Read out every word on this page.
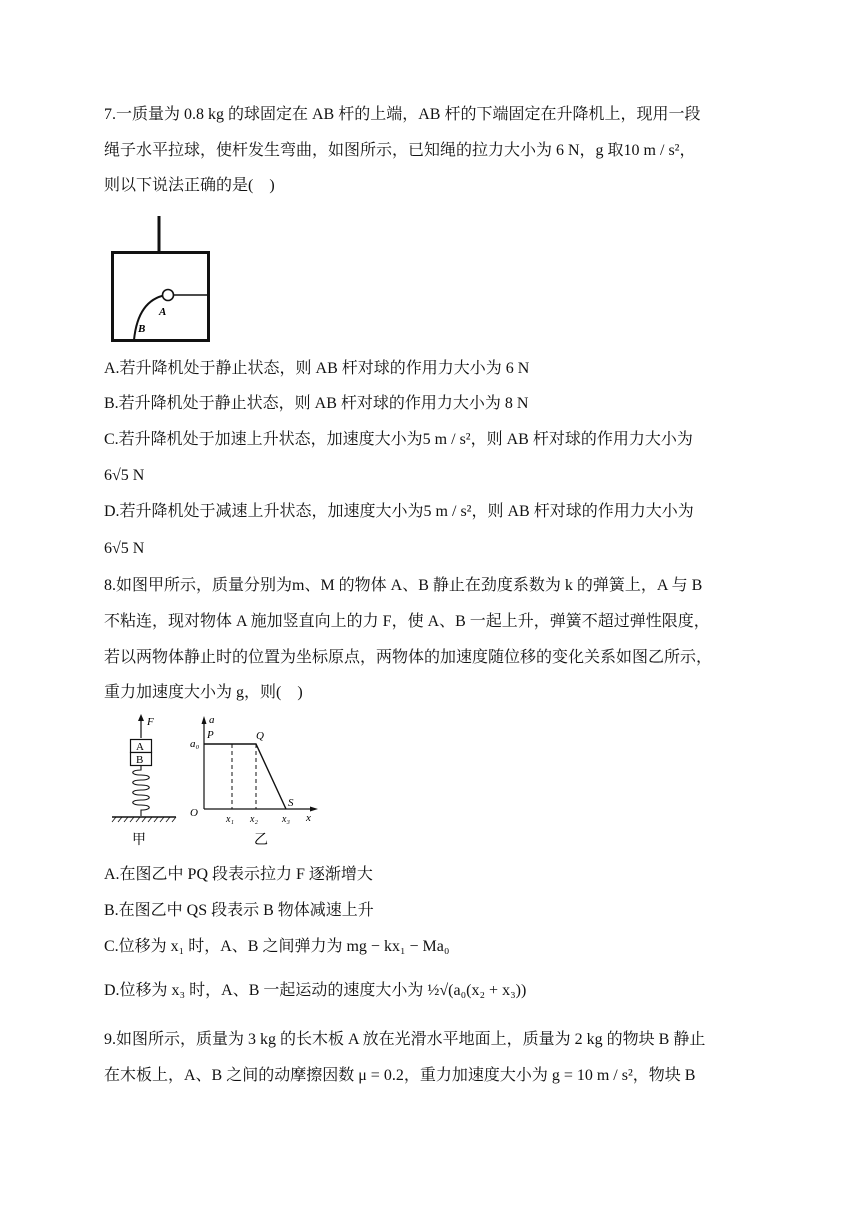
7.一质量为 0.8 kg 的球固定在 AB 杆的上端，AB 杆的下端固定在升降机上，现用一段
绳子水平拉球，使杆发生弯曲，如图所示，已知绳的拉力大小为 6 N，g 取10 m / s²，
则以下说法正确的是(　)
A
B
A.若升降机处于静止状态，则 AB 杆对球的作用力大小为 6 N
B.若升降机处于静止状态，则 AB 杆对球的作用力大小为 8 N
C.若升降机处于加速上升状态，加速度大小为5 m / s²，则 AB 杆对球的作用力大小为
6√5 N
D.若升降机处于减速上升状态，加速度大小为5 m / s²，则 AB 杆对球的作用力大小为
6√5 N
8.如图甲所示，质量分别为m、M 的物体 A、B 静止在劲度系数为 k 的弹簧上，A 与 B
不粘连，现对物体 A 施加竖直向上的力 F，使 A、B 一起上升，弹簧不超过弹性限度，
若以两物体静止时的位置为坐标原点，两物体的加速度随位移的变化关系如图乙所示，
重力加速度大小为 g，则(　)
F
A
B
甲
a
a₀
P	Q
O
S
x₁ x₂ x₃ x
乙
A.在图乙中 PQ 段表示拉力 F 逐渐增大
B.在图乙中 QS 段表示 B 物体减速上升
C.位移为 x₁ 时，A、B 之间弹力为 mg − kx₁ − Ma₀
D.位移为 x₃ 时，A、B 一起运动的速度大小为 ½√(a₀(x₂ + x₃))
9.如图所示，质量为 3 kg 的长木板 A 放在光滑水平地面上，质量为 2 kg 的物块 B 静止
在木板上，A、B 之间的动摩擦因数 μ = 0.2，重力加速度大小为 g = 10 m / s²，物块 B
